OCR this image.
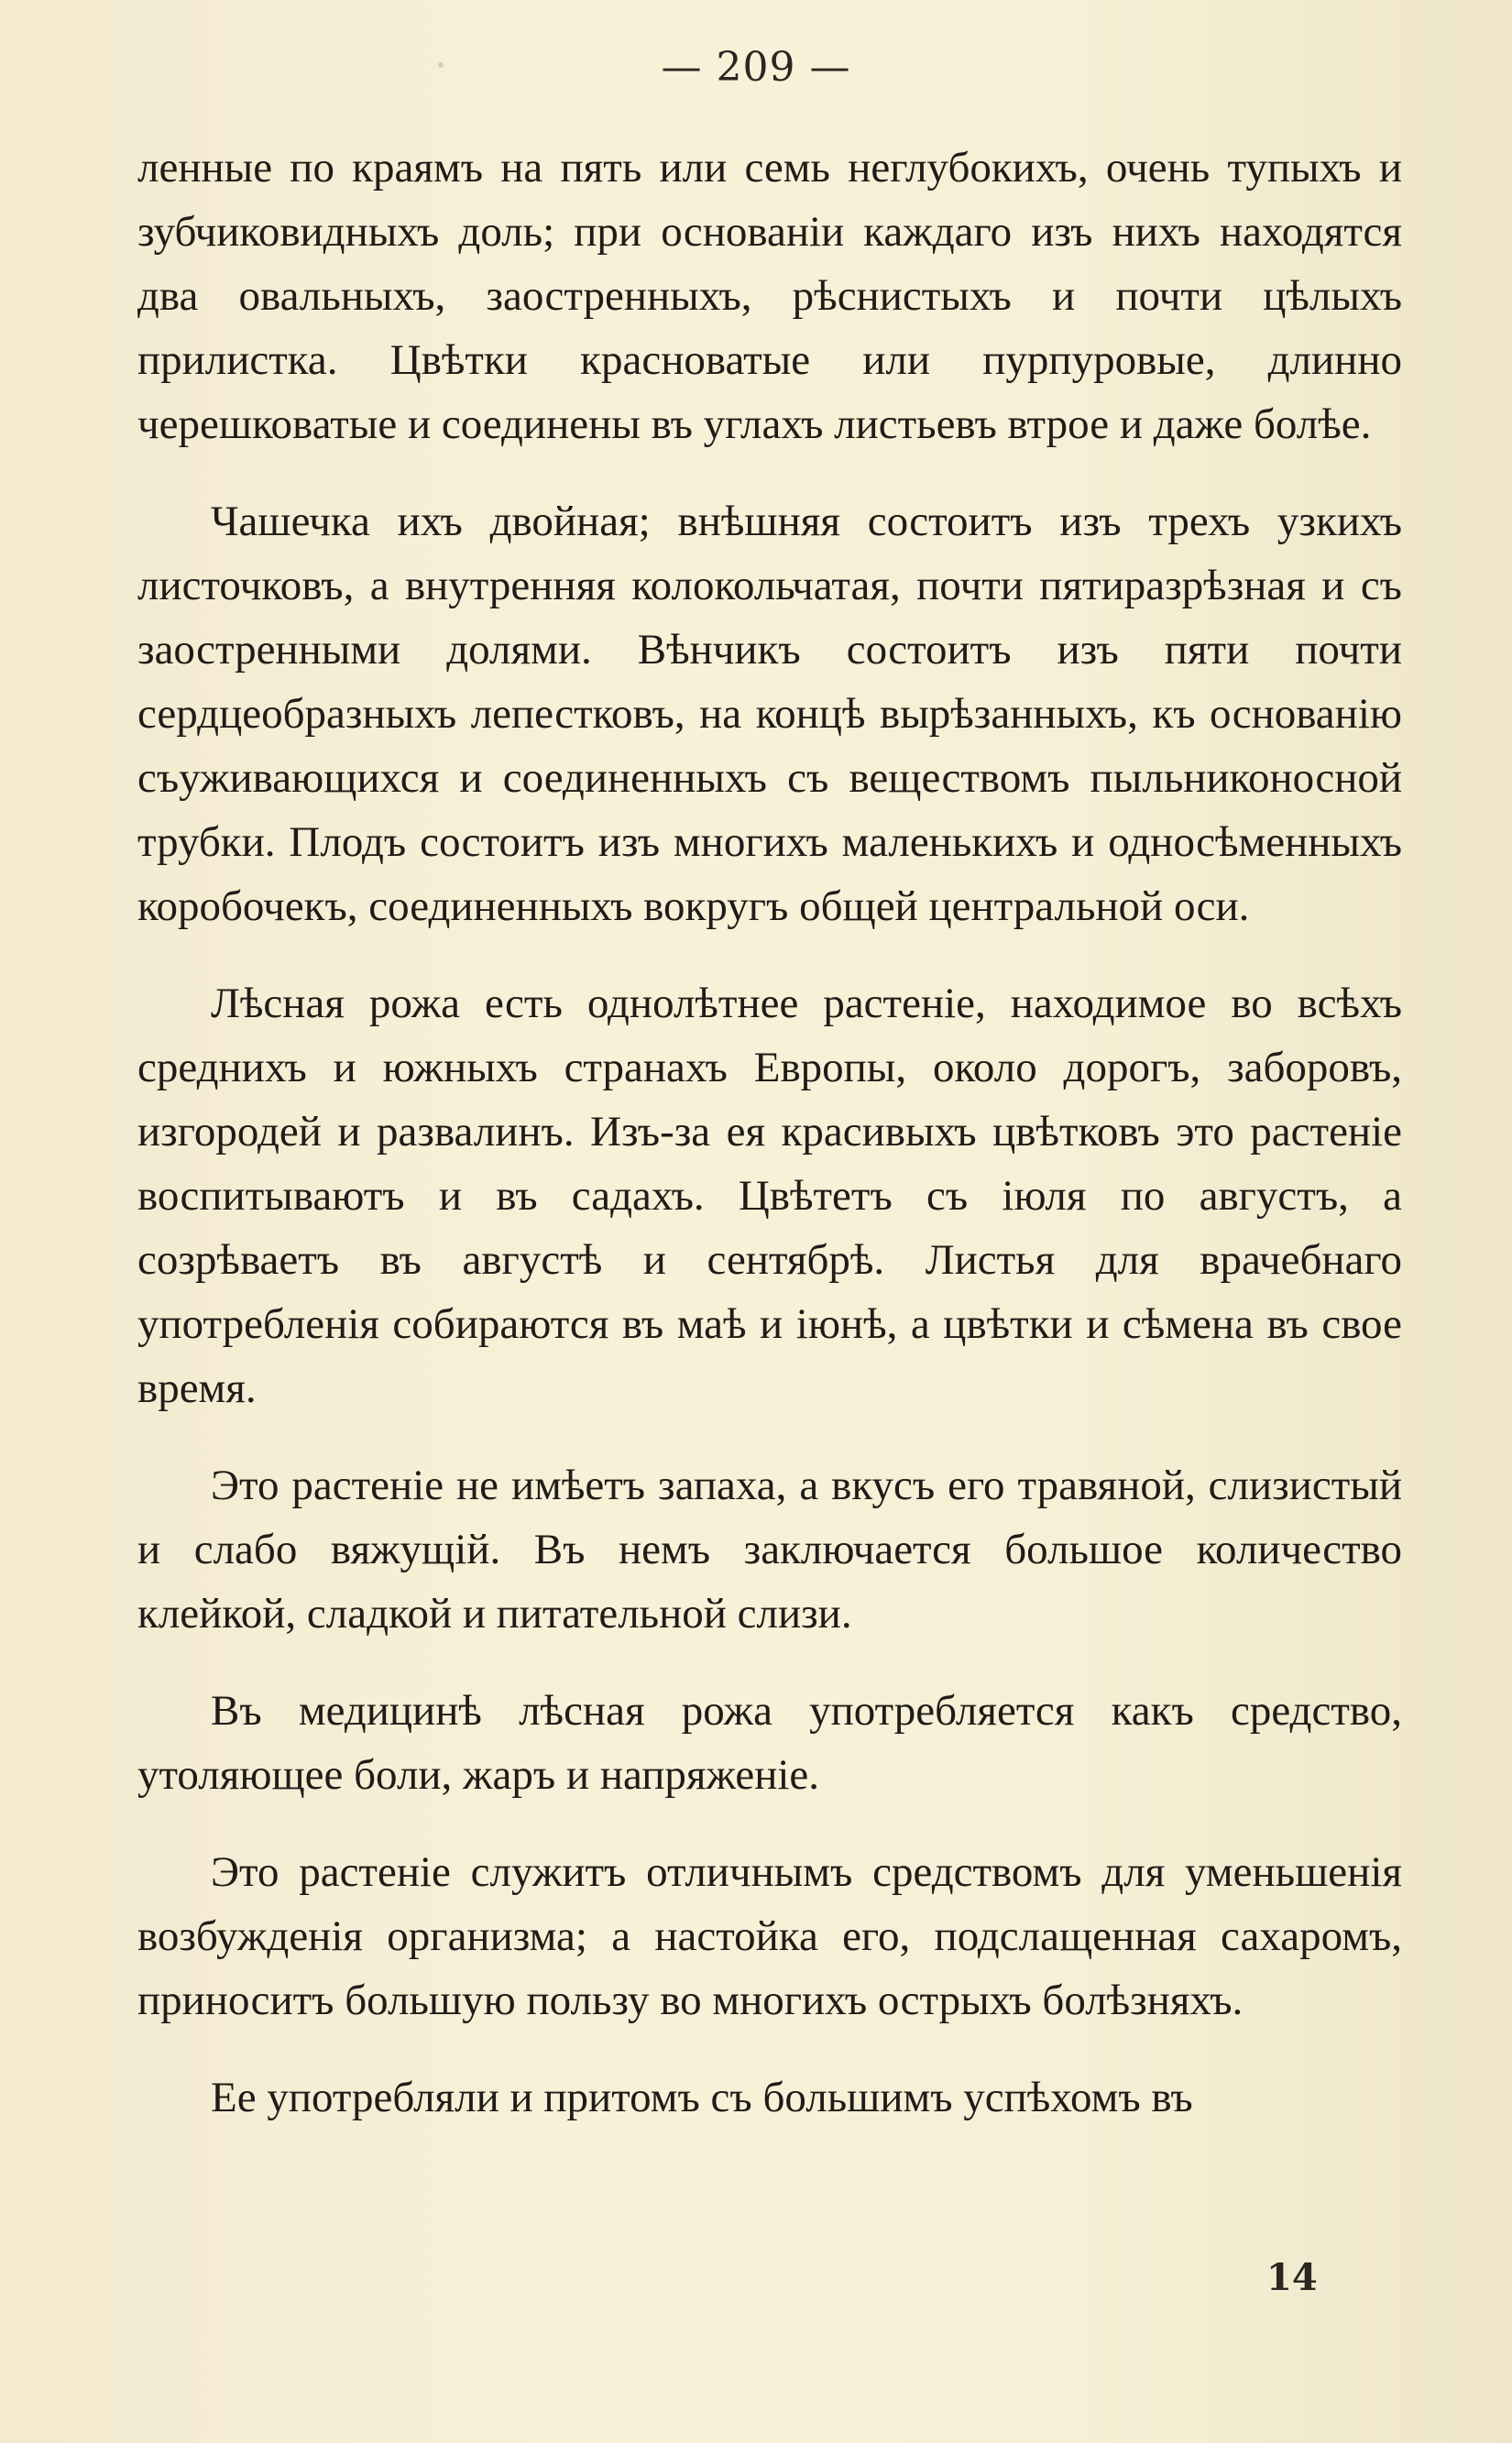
— 209 —

ленные по краямъ на пять или семь неглубокихъ, очень тупыхъ и зубчиковидныхъ доль; при основанiи каждаго изъ нихъ находятся два овальныхъ, заостренныхъ, рѣснистыхъ и почти цѣлыхъ прилистка. Цвѣтки красноватые или пурпуровые, длинно черешковатые и соединены въ углахъ листьевъ втрое и даже болѣе.

Чашечка ихъ двойная; внѣшняя состоитъ изъ трехъ узкихъ листочковъ, а внутренняя колокольчатая, почти пятиразрѣзная и съ заостренными долями. Вѣнчикъ состоитъ изъ пяти почти сердцеобразныхъ лепестковъ, на концѣ вырѣзанныхъ, къ основанiю съуживающихся и соединенныхъ съ веществомъ пыльниконосной трубки. Плодъ состоитъ изъ многихъ маленькихъ и односѣменныхъ коробочекъ, соединенныхъ вокругъ общей центральной оси.

Лѣсная рожа есть однолѣтнее растенiе, находимое во всѣхъ среднихъ и южныхъ странахъ Европы, около дорогъ, заборовъ, изгородей и развалинъ. Изъ-за ея красивыхъ цвѣтковъ это растенiе воспитываютъ и въ садахъ. Цвѣтетъ съ iюля по августъ, а созрѣваетъ въ августѣ и сентябрѣ. Листья для врачебнаго употребленiя собираются въ маѣ и iюнѣ, а цвѣтки и сѣмена въ свое время.

Это растенiе не имѣетъ запаха, а вкусъ его травяной, слизистый и слабо вяжущiй. Въ немъ заключается большое количество клейкой, сладкой и питательной слизи.

Въ медицинѣ лѣсная рожа употребляется какъ средство, утоляющее боли, жаръ и напряженiе.

Это растенiе служитъ отличнымъ средствомъ для уменьшенiя возбужденiя организма; а настойка его, подслащенная сахаромъ, приноситъ большую пользу во многихъ острыхъ болѣзняхъ.

Ее употребляли и притомъ съ большимъ успѣхомъ въ

14
